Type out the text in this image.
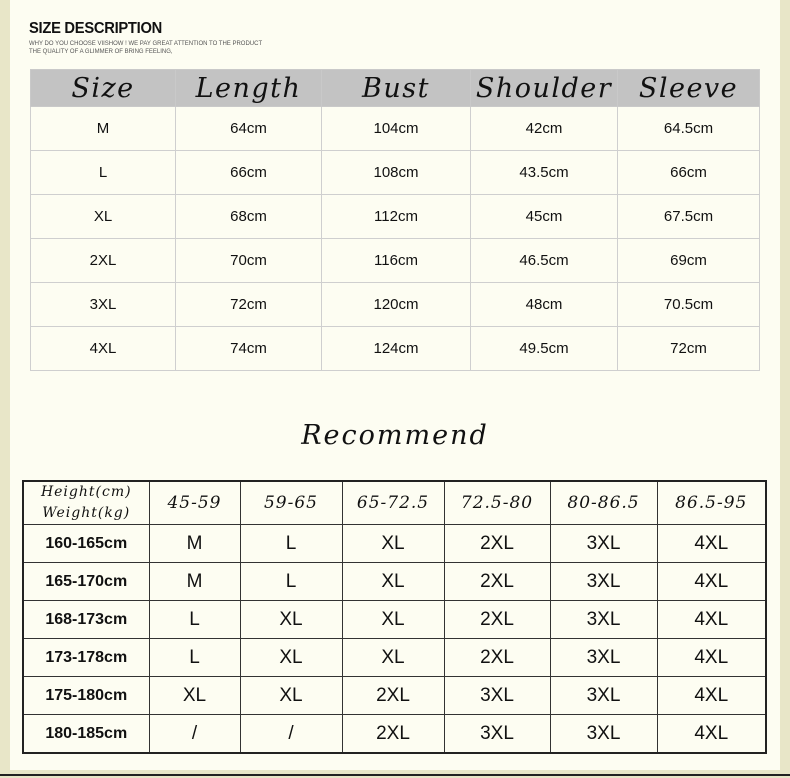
SIZE DESCRIPTION
WHY DO YOU CHOOSE VIISHOW ! WE PAY GREAT ATTENTION TO THE PRODUCT
THE QUALITY OF A GLIMMER OF BRING FEELING,
Size	Length	Bust	Shoulder	Sleeve
M	64cm	104cm	42cm	64.5cm
L	66cm	108cm	43.5cm	66cm
XL	68cm	112cm	45cm	67.5cm
2XL	70cm	116cm	46.5cm	69cm
3XL	72cm	120cm	48cm	70.5cm
4XL	74cm	124cm	49.5cm	72cm
Recommend
Height(cm)
Weight(kg)	45-59	59-65	65-72.5	72.5-80	80-86.5	86.5-95
160-165cm	M	L	XL	2XL	3XL	4XL
165-170cm	M	L	XL	2XL	3XL	4XL
168-173cm	L	XL	XL	2XL	3XL	4XL
173-178cm	L	XL	XL	2XL	3XL	4XL
175-180cm	XL	XL	2XL	3XL	3XL	4XL
180-185cm	/	/	2XL	3XL	3XL	4XL
